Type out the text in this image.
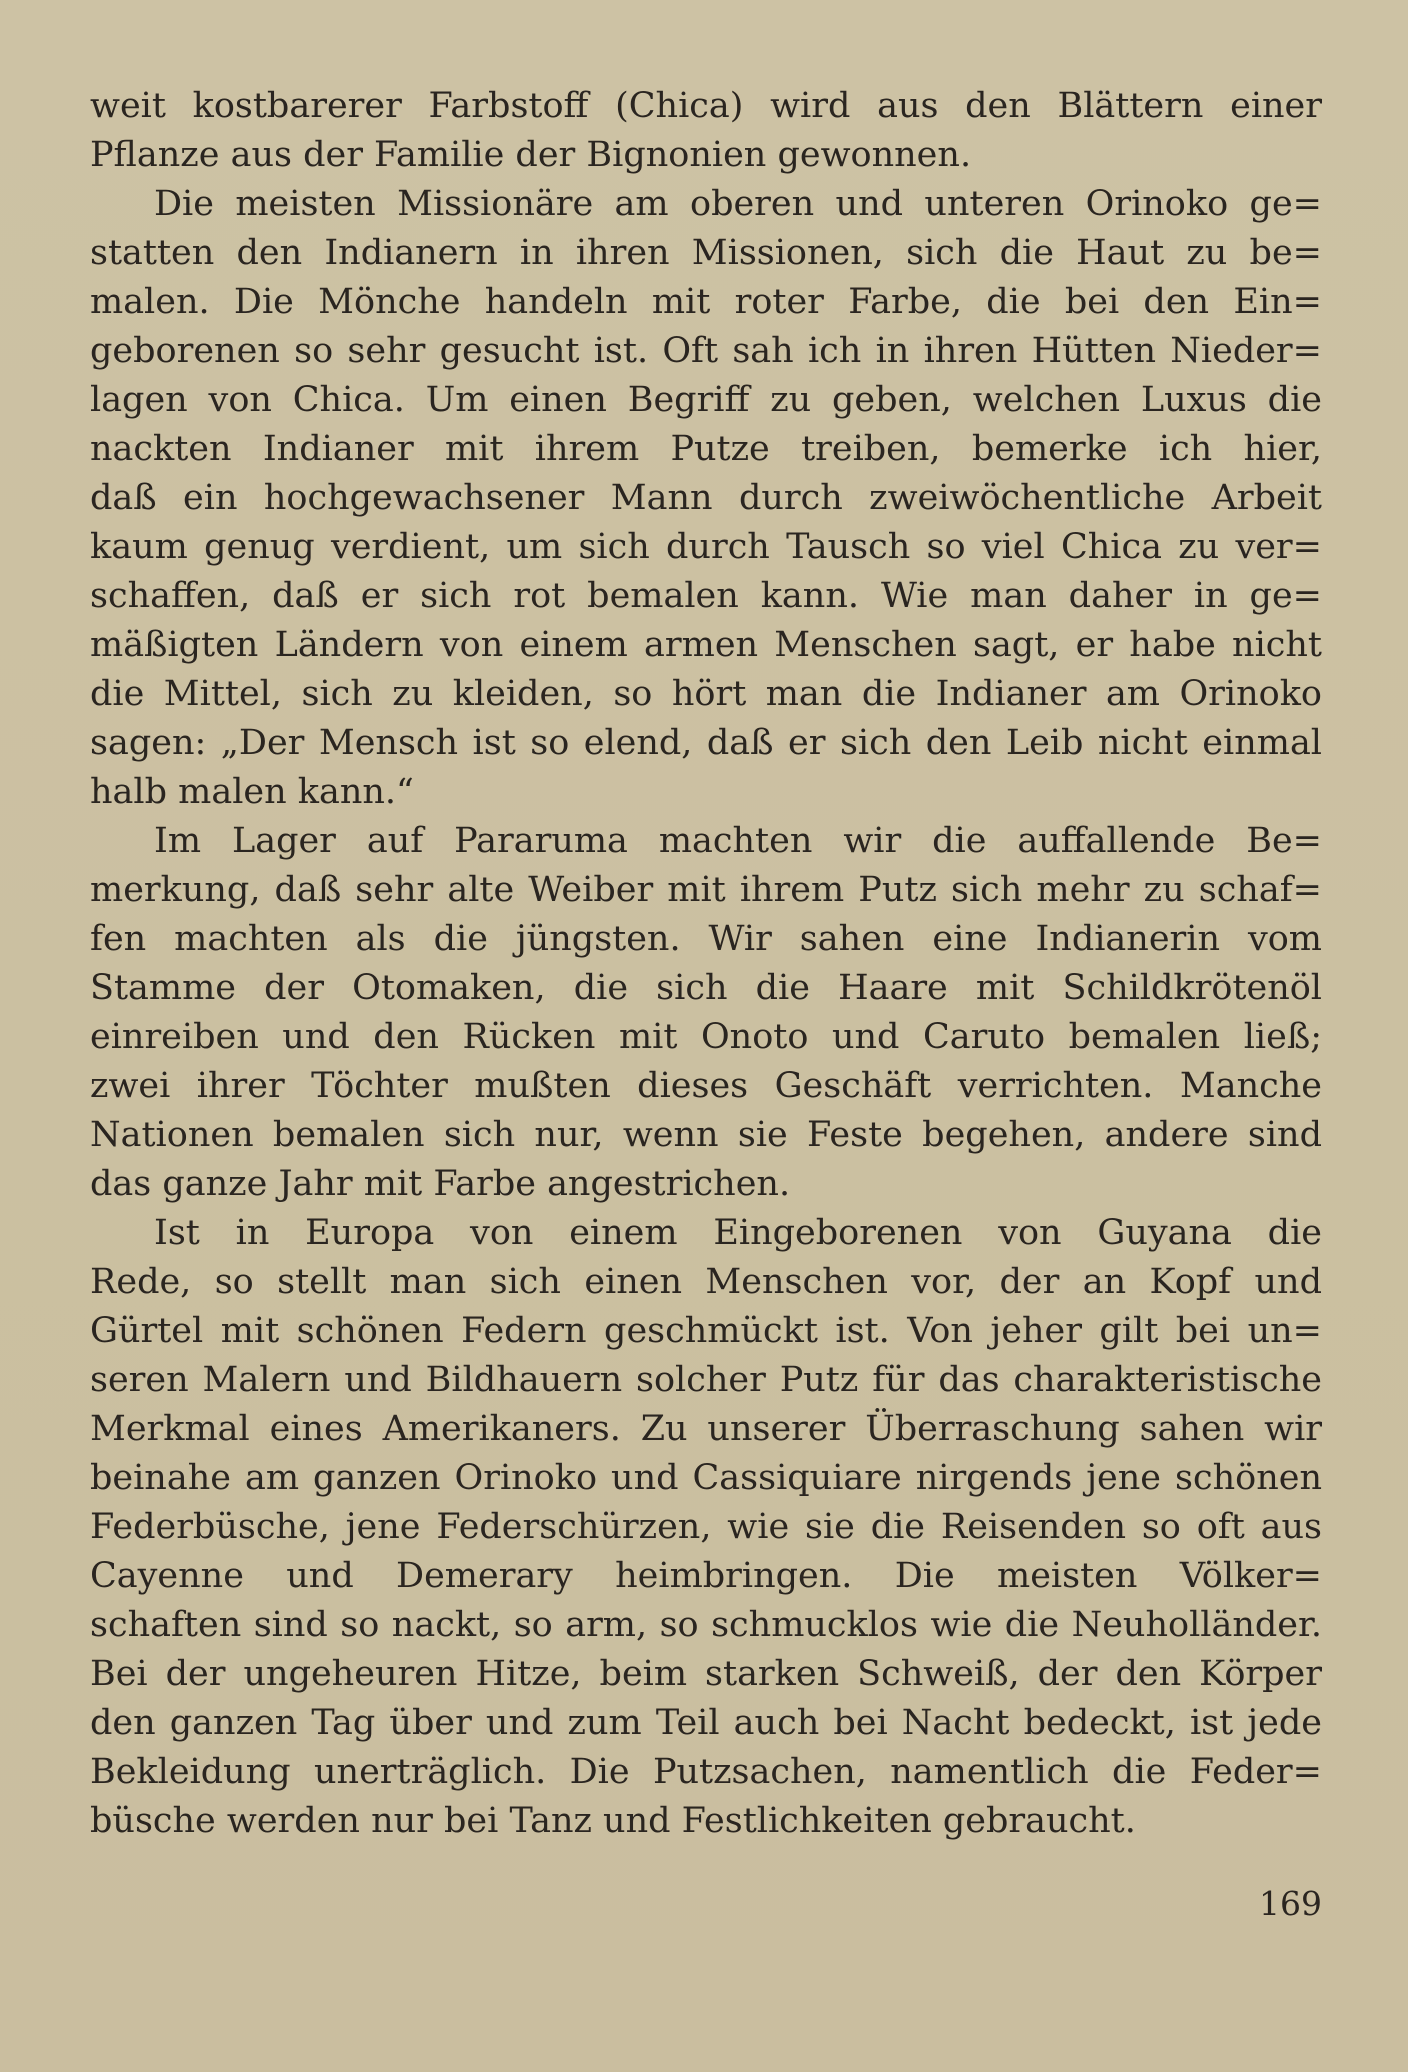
weit kostbarerer Farbstoff (Chica) wird aus den Blättern einer
Pflanze aus der Familie der Bignonien gewonnen.
Die meisten Missionäre am oberen und unteren Orinoko ge=
statten den Indianern in ihren Missionen, sich die Haut zu be=
malen. Die Mönche handeln mit roter Farbe, die bei den Ein=
geborenen so sehr gesucht ist. Oft sah ich in ihren Hütten Nieder=
lagen von Chica. Um einen Begriff zu geben, welchen Luxus die
nackten Indianer mit ihrem Putze treiben, bemerke ich hier,
daß ein hochgewachsener Mann durch zweiwöchentliche Arbeit
kaum genug verdient, um sich durch Tausch so viel Chica zu ver=
schaffen, daß er sich rot bemalen kann. Wie man daher in ge=
mäßigten Ländern von einem armen Menschen sagt, er habe nicht
die Mittel, sich zu kleiden, so hört man die Indianer am Orinoko
sagen: „Der Mensch ist so elend, daß er sich den Leib nicht einmal
halb malen kann.“
Im Lager auf Pararuma machten wir die auffallende Be=
merkung, daß sehr alte Weiber mit ihrem Putz sich mehr zu schaf=
fen machten als die jüngsten. Wir sahen eine Indianerin vom
Stamme der Otomaken, die sich die Haare mit Schildkrötenöl
einreiben und den Rücken mit Onoto und Caruto bemalen ließ;
zwei ihrer Töchter mußten dieses Geschäft verrichten. Manche
Nationen bemalen sich nur, wenn sie Feste begehen, andere sind
das ganze Jahr mit Farbe angestrichen.
Ist in Europa von einem Eingeborenen von Guyana die
Rede, so stellt man sich einen Menschen vor, der an Kopf und
Gürtel mit schönen Federn geschmückt ist. Von jeher gilt bei un=
seren Malern und Bildhauern solcher Putz für das charakteristische
Merkmal eines Amerikaners. Zu unserer Überraschung sahen wir
beinahe am ganzen Orinoko und Cassiquiare nirgends jene schönen
Federbüsche, jene Federschürzen, wie sie die Reisenden so oft aus
Cayenne und Demerary heimbringen. Die meisten Völker=
schaften sind so nackt, so arm, so schmucklos wie die Neuholländer.
Bei der ungeheuren Hitze, beim starken Schweiß, der den Körper
den ganzen Tag über und zum Teil auch bei Nacht bedeckt, ist jede
Bekleidung unerträglich. Die Putzsachen, namentlich die Feder=
büsche werden nur bei Tanz und Festlichkeiten gebraucht.
169
